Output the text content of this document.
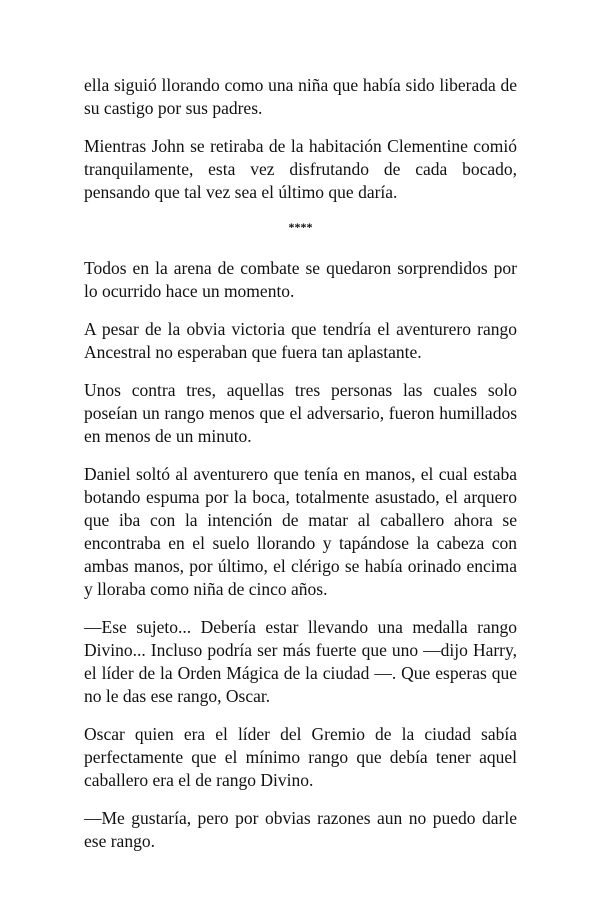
ella siguió llorando como una niña que había sido liberada de su castigo por sus padres.

Mientras John se retiraba de la habitación Clementine comió tranquilamente, esta vez disfrutando de cada bocado, pensando que tal vez sea el último que daría.

****

Todos en la arena de combate se quedaron sorprendidos por lo ocurrido hace un momento.

A pesar de la obvia victoria que tendría el aventurero rango Ancestral no esperaban que fuera tan aplastante.

Unos contra tres, aquellas tres personas las cuales solo poseían un rango menos que el adversario, fueron humillados en menos de un minuto.

Daniel soltó al aventurero que tenía en manos, el cual estaba botando espuma por la boca, totalmente asustado, el arquero que iba con la intención de matar al caballero ahora se encontraba en el suelo llorando y tapándose la cabeza con ambas manos, por último, el clérigo se había orinado encima y lloraba como niña de cinco años.

—Ese sujeto... Debería estar llevando una medalla rango Divino... Incluso podría ser más fuerte que uno —dijo Harry, el líder de la Orden Mágica de la ciudad —. Que esperas que no le das ese rango, Oscar.

Oscar quien era el líder del Gremio de la ciudad sabía perfectamente que el mínimo rango que debía tener aquel caballero era el de rango Divino.

—Me gustaría, pero por obvias razones aun no puedo darle ese rango.
